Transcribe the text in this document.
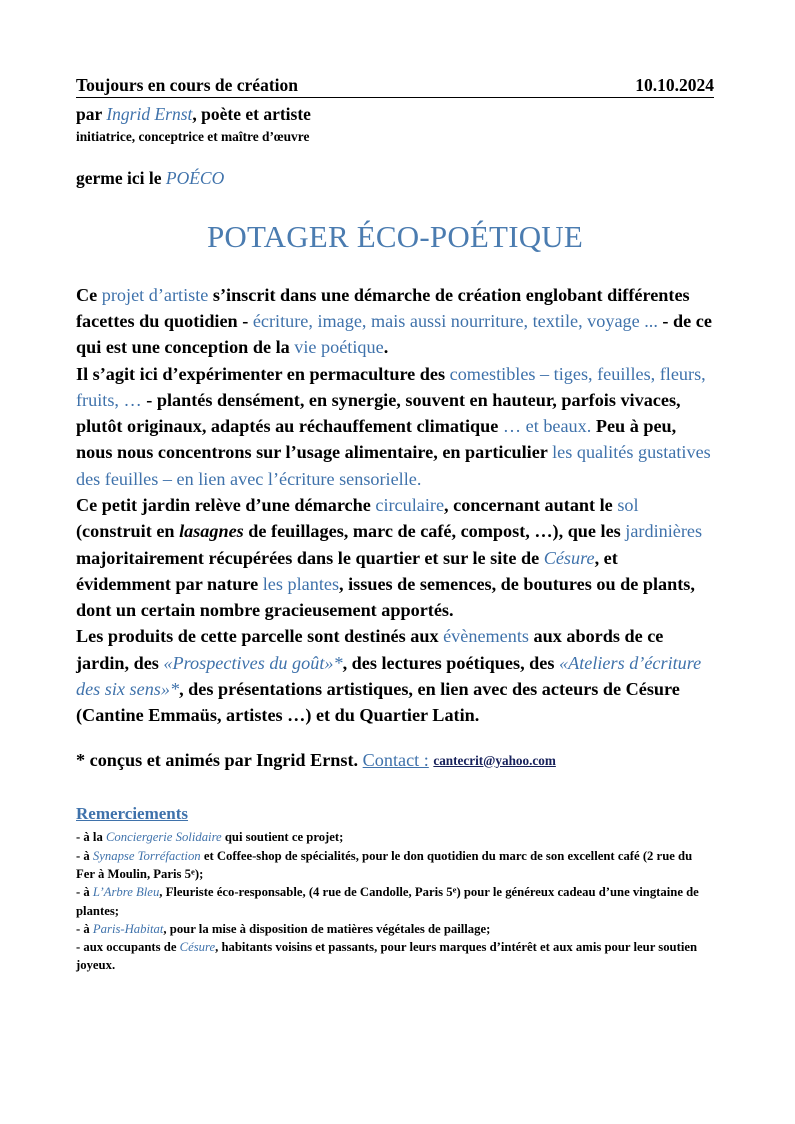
Toujours en cours de création	10.10.2024
par Ingrid Ernst, poète et artiste
initiatrice, conceptrice et maître d’œuvre
germe ici le POÉCO
POTAGER ÉCO-POÉTIQUE

Ce projet d’artiste s’inscrit dans une démarche de création englobant différentes facettes du quotidien - écriture, image, mais aussi nourriture, textile, voyage ... - de ce qui est une conception de la vie poétique.

Il s’agit ici d’expérimenter en permaculture des comestibles – tiges, feuilles, fleurs, fruits, … - plantés densément, en synergie, souvent en hauteur, parfois vivaces, plutôt originaux, adaptés au réchauffement climatique … et beaux. Peu à peu, nous nous concentrons sur l’usage alimentaire, en particulier les qualités gustatives des feuilles – en lien avec l’écriture sensorielle.

Ce petit jardin relève d’une démarche circulaire, concernant autant le sol (construit en lasagnes de feuillages, marc de café, compost, …), que les jardinières majoritairement récupérées dans le quartier et sur le site de Césure, et évidemment par nature les plantes, issues de semences, de boutures ou de plants, dont un certain nombre gracieusement apportés.

Les produits de cette parcelle sont destinés aux évènements aux abords de ce jardin, des «Prospectives du goût»*, des lectures poétiques, des «Ateliers d’écriture des six sens»*, des présentations artistiques, en lien avec des acteurs de Césure (Cantine Emmaüs, artistes …) et du Quartier Latin.

* conçus et animés par Ingrid Ernst. Contact : cantecrit@yahoo.com
Remerciements

- à la Conciergerie Solidaire qui soutient ce projet;

- à Synapse Torréfaction et Coffee-shop de spécialités, pour le don quotidien du marc de son excellent café (2 rue du Fer à Moulin, Paris 5e);

- à L’Arbre Bleu, Fleuriste éco-responsable, (4 rue de Candolle, Paris 5e) pour le généreux cadeau d’une vingtaine de plantes;

- à Paris-Habitat, pour la mise à disposition de matières végétales de paillage;

- aux occupants de Césure, habitants voisins et passants, pour leurs marques d’intérêt et aux amis pour leur soutien joyeux.
